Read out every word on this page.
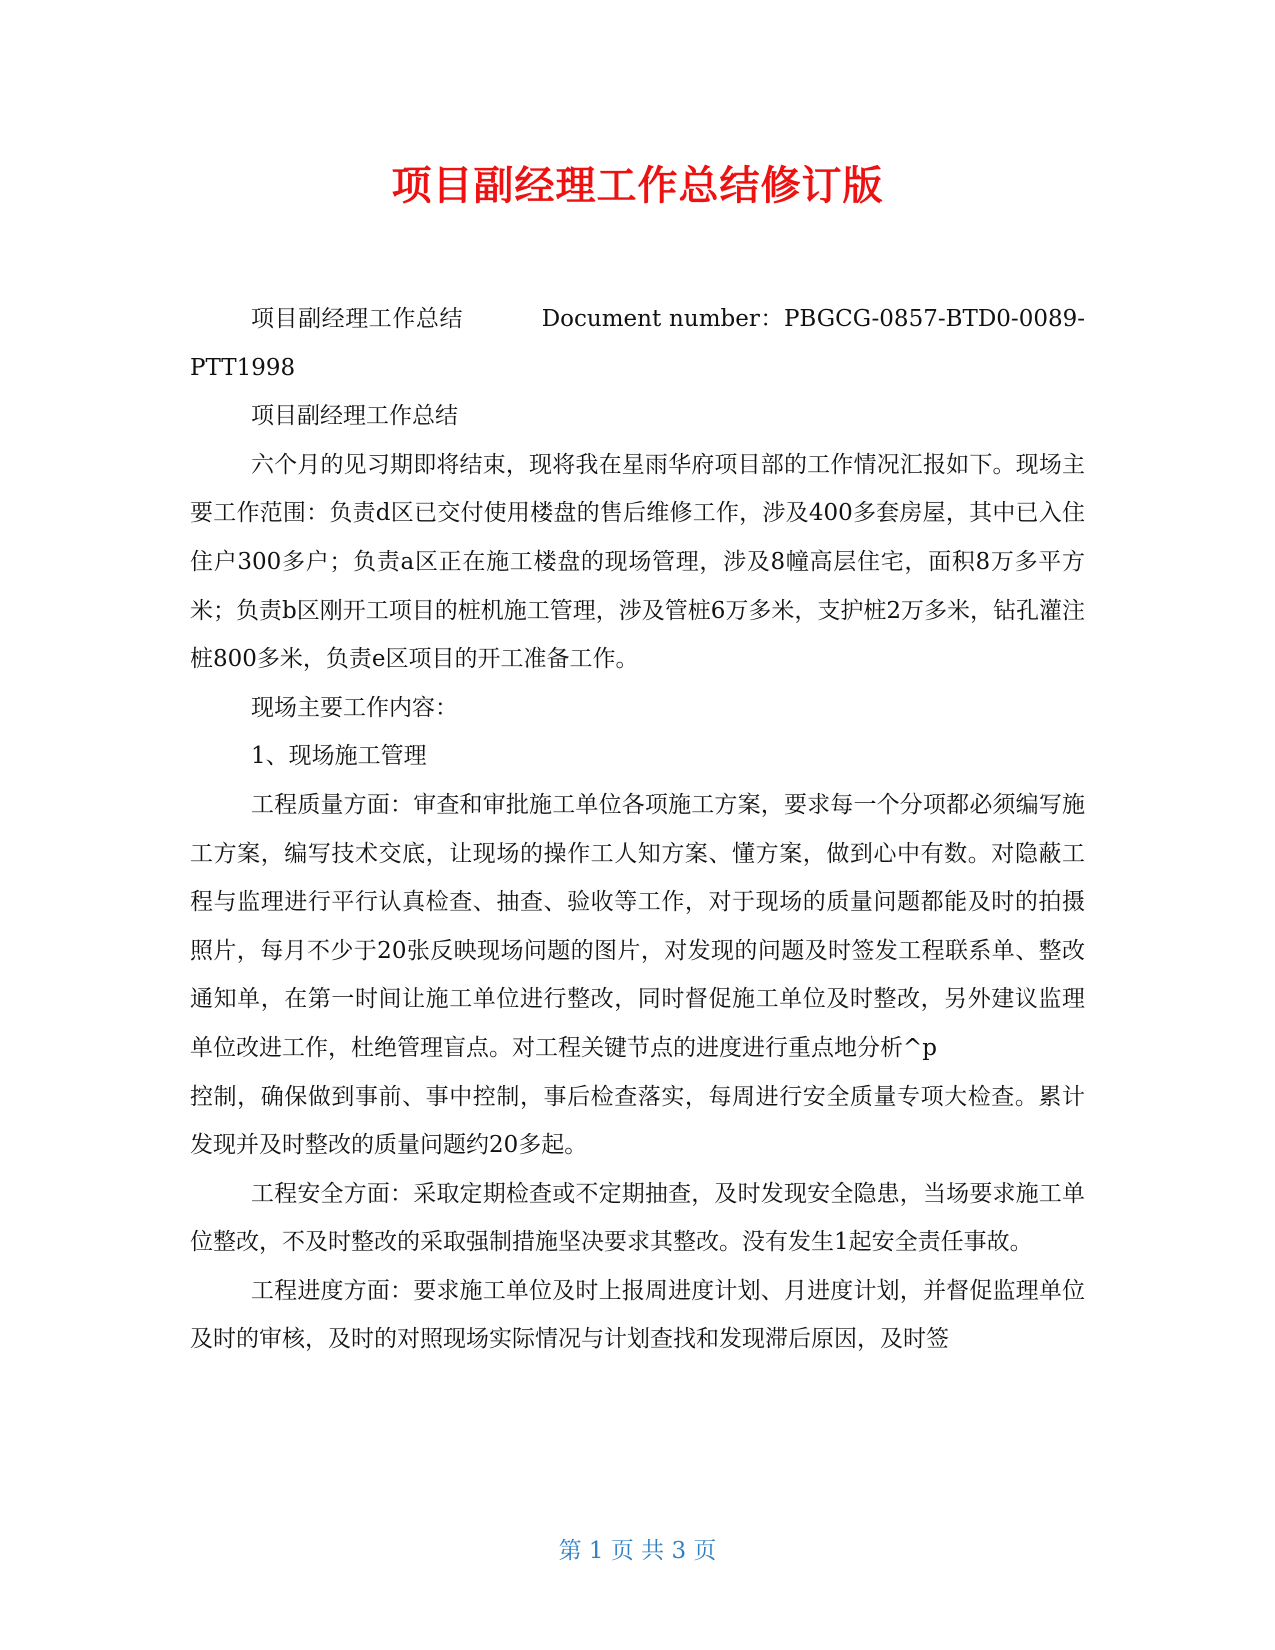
项目副经理工作总结修订版

项目副经理工作总结	Document number：PBGCG-0857-BTD0-0089-PTT1998

项目副经理工作总结

六个月的见习期即将结束，现将我在星雨华府项目部的工作情况汇报如下。现场主要工作范围：负责d区已交付使用楼盘的售后维修工作，涉及400多套房屋，其中已入住住户300多户；负责a区正在施工楼盘的现场管理，涉及8幢高层住宅，面积8万多平方米；负责b区刚开工项目的桩机施工管理，涉及管桩6万多米，支护桩2万多米，钻孔灌注桩800多米，负责e区项目的开工准备工作。

现场主要工作内容：

1、现场施工管理

工程质量方面：审查和审批施工单位各项施工方案，要求每一个分项都必须编写施工方案，编写技术交底，让现场的操作工人知方案、懂方案，做到心中有数。对隐蔽工程与监理进行平行认真检查、抽查、验收等工作，对于现场的质量问题都能及时的拍摄照片，每月不少于20张反映现场问题的图片，对发现的问题及时签发工程联系单、整改通知单，在第一时间让施工单位进行整改，同时督促施工单位及时整改，另外建议监理单位改进工作，杜绝管理盲点。对工程关键节点的进度进行重点地分析^p

控制，确保做到事前、事中控制，事后检查落实，每周进行安全质量专项大检查。累计发现并及时整改的质量问题约20多起。

工程安全方面：采取定期检查或不定期抽查，及时发现安全隐患，当场要求施工单位整改，不及时整改的采取强制措施坚决要求其整改。没有发生1起安全责任事故。

工程进度方面：要求施工单位及时上报周进度计划、月进度计划，并督促监理单位及时的审核，及时的对照现场实际情况与计划查找和发现滞后原因，及时签

第 1 页 共 3 页
